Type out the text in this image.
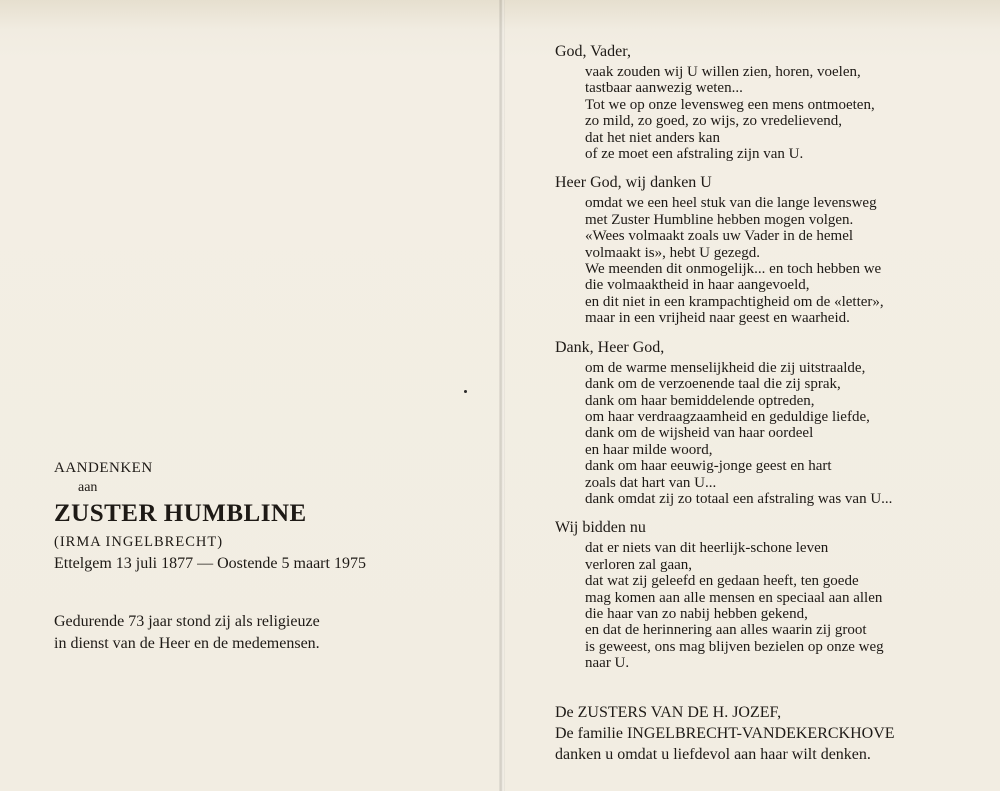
AANDENKEN
aan
ZUSTER HUMBLINE
(IRMA INGELBRECHT)
Ettelgem 13 juli 1877 — Oostende 5 maart 1975
Gedurende 73 jaar stond zij als religieuze
in dienst van de Heer en de medemensen.
God, Vader,
vaak zouden wij U willen zien, horen, voelen,
tastbaar aanwezig weten...
Tot we op onze levensweg een mens ontmoeten,
zo mild, zo goed, zo wijs, zo vredelievend,
dat het niet anders kan
of ze moet een afstraling zijn van U.
Heer God, wij danken U
omdat we een heel stuk van die lange levensweg
met Zuster Humbline hebben mogen volgen.
«Wees volmaakt zoals uw Vader in de hemel
volmaakt is», hebt U gezegd.
We meenden dit onmogelijk... en toch hebben we
die volmaaktheid in haar aangevoeld,
en dit niet in een krampachtigheid om de «letter»,
maar in een vrijheid naar geest en waarheid.
Dank, Heer God,
om de warme menselijkheid die zij uitstraalde,
dank om de verzoenende taal die zij sprak,
dank om haar bemiddelende optreden,
om haar verdraagzaamheid en geduldige liefde,
dank om de wijsheid van haar oordeel
en haar milde woord,
dank om haar eeuwig-jonge geest en hart
zoals dat hart van U...
dank omdat zij zo totaal een afstraling was van U...
Wij bidden nu
dat er niets van dit heerlijk-schone leven
verloren zal gaan,
dat wat zij geleefd en gedaan heeft, ten goede
mag komen aan alle mensen en speciaal aan allen
die haar van zo nabij hebben gekend,
en dat de herinnering aan alles waarin zij groot
is geweest, ons mag blijven bezielen op onze weg
naar U.
De ZUSTERS VAN DE H. JOZEF,
De familie INGELBRECHT-VANDEKERCKHOVE
danken u omdat u liefdevol aan haar wilt denken.
